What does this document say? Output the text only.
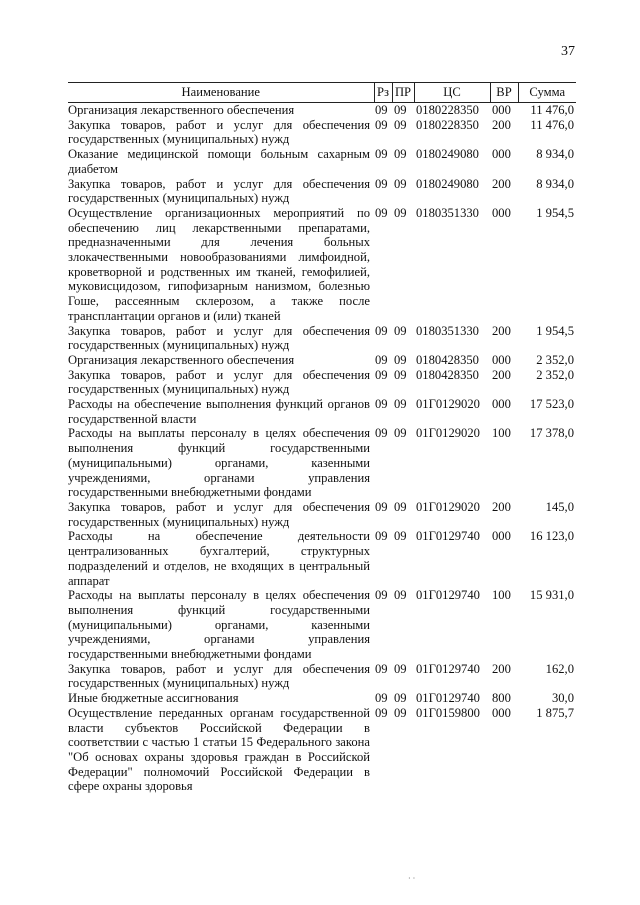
37
Наименование	Рз	ПР	ЦС	ВР	Сумма
Организация лекарственного обеспечения	09	09	0180228350	000	11 476,0
Закупка товаров, работ и услуг для обеспечения государственных (муниципальных) нужд	09	09	0180228350	200	11 476,0
Оказание медицинской помощи больным сахарным диабетом	09	09	0180249080	000	8 934,0
Закупка товаров, работ и услуг для обеспечения государственных (муниципальных) нужд	09	09	0180249080	200	8 934,0
Осуществление организационных мероприятий по обеспечению лиц лекарственными препаратами, предназначенными для лечения больных злокачественными новообразованиями лимфоидной, кроветворной и родственных им тканей, гемофилией, муковисцидозом, гипофизарным нанизмом, болезнью Гоше, рассеянным склерозом, а также после трансплантации органов и (или) тканей	09	09	0180351330	000	1 954,5
Закупка товаров, работ и услуг для обеспечения государственных (муниципальных) нужд	09	09	0180351330	200	1 954,5
Организация лекарственного обеспечения	09	09	0180428350	000	2 352,0
Закупка товаров, работ и услуг для обеспечения государственных (муниципальных) нужд	09	09	0180428350	200	2 352,0
Расходы на обеспечение выполнения функций органов государственной власти	09	09	01Г0129020	000	17 523,0
Расходы на выплаты персоналу в целях обеспечения выполнения функций государственными (муниципальными) органами, казенными учреждениями, органами управления государственными внебюджетными фондами	09	09	01Г0129020	100	17 378,0
Закупка товаров, работ и услуг для обеспечения государственных (муниципальных) нужд	09	09	01Г0129020	200	145,0
Расходы на обеспечение деятельности централизованных бухгалтерий, структурных подразделений и отделов, не входящих в центральный аппарат	09	09	01Г0129740	000	16 123,0
Расходы на выплаты персоналу в целях обеспечения выполнения функций государственными (муниципальными) органами, казенными учреждениями, органами управления государственными внебюджетными фондами	09	09	01Г0129740	100	15 931,0
Закупка товаров, работ и услуг для обеспечения государственных (муниципальных) нужд	09	09	01Г0129740	200	162,0
Иные бюджетные ассигнования	09	09	01Г0129740	800	30,0
Осуществление переданных органам государственной власти субъектов Российской Федерации в соответствии с частью 1 статьи 15 Федерального закона "Об основах охраны здоровья граждан в Российской Федерации" полномочий Российской Федерации в сфере охраны здоровья	09	09	01Г0159800	000	1 875,7
· ·
